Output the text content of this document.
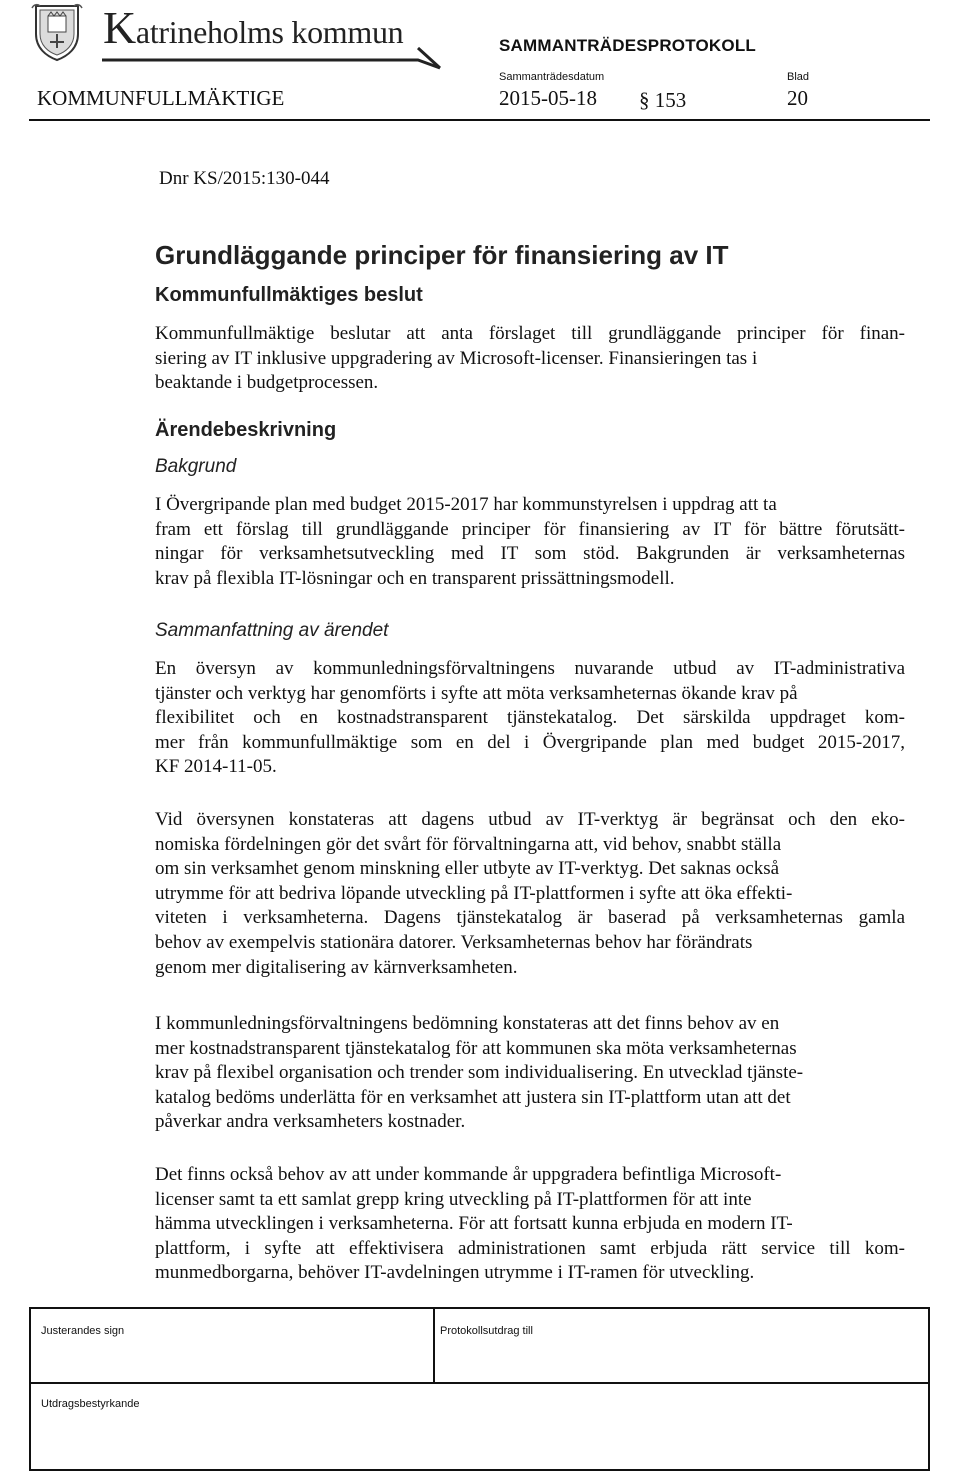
Katrineholms kommun	SAMMANTRÄDESPROTOKOLL
Sammanträdesdatum	Blad
KOMMUNFULLMÄKTIGE	2015-05-18 § 153	20
Dnr KS/2015:130-044
Grundläggande principer för finansiering av IT
Kommunfullmäktiges beslut
Kommunfullmäktige beslutar att anta förslaget till grundläggande principer för finan-
siering av IT inklusive uppgradering av Microsoft-licenser. Finansieringen tas i
beaktande i budgetprocessen.
Ärendebeskrivning
Bakgrund
I Övergripande plan med budget 2015-2017 har kommunstyrelsen i uppdrag att ta
fram ett förslag till grundläggande principer för finansiering av IT för bättre förutsätt-
ningar för verksamhetsutveckling med IT som stöd. Bakgrunden är verksamheternas
krav på flexibla IT-lösningar och en transparent prissättningsmodell.
Sammanfattning av ärendet
En översyn av kommunledningsförvaltningens nuvarande utbud av IT-administrativa
tjänster och verktyg har genomförts i syfte att möta verksamheternas ökande krav på
flexibilitet och en kostnadstransparent tjänstekatalog. Det särskilda uppdraget kom-
mer från kommunfullmäktige som en del i Övergripande plan med budget 2015-2017,
KF 2014-11-05.
Vid översynen konstateras att dagens utbud av IT-verktyg är begränsat och den eko-
nomiska fördelningen gör det svårt för förvaltningarna att, vid behov, snabbt ställa
om sin verksamhet genom minskning eller utbyte av IT-verktyg. Det saknas också
utrymme för att bedriva löpande utveckling på IT-plattformen i syfte att öka effekti-
viteten i verksamheterna. Dagens tjänstekatalog är baserad på verksamheternas gamla
behov av exempelvis stationära datorer. Verksamheternas behov har förändrats
genom mer digitalisering av kärnverksamheten.
I kommunledningsförvaltningens bedömning konstateras att det finns behov av en
mer kostnadstransparent tjänstekatalog för att kommunen ska möta verksamheternas
krav på flexibel organisation och trender som individualisering. En utvecklad tjänste-
katalog bedöms underlätta för en verksamhet att justera sin IT-plattform utan att det
påverkar andra verksamheters kostnader.
Det finns också behov av att under kommande år uppgradera befintliga Microsoft-
licenser samt ta ett samlat grepp kring utveckling på IT-plattformen för att inte
hämma utvecklingen i verksamheterna. För att fortsatt kunna erbjuda en modern IT-
plattform, i syfte att effektivisera administrationen samt erbjuda rätt service till kom-
munmedborgarna, behöver IT-avdelningen utrymme i IT-ramen för utveckling.
Justerandes sign	Protokollsutdrag till
Utdragsbestyrkande
